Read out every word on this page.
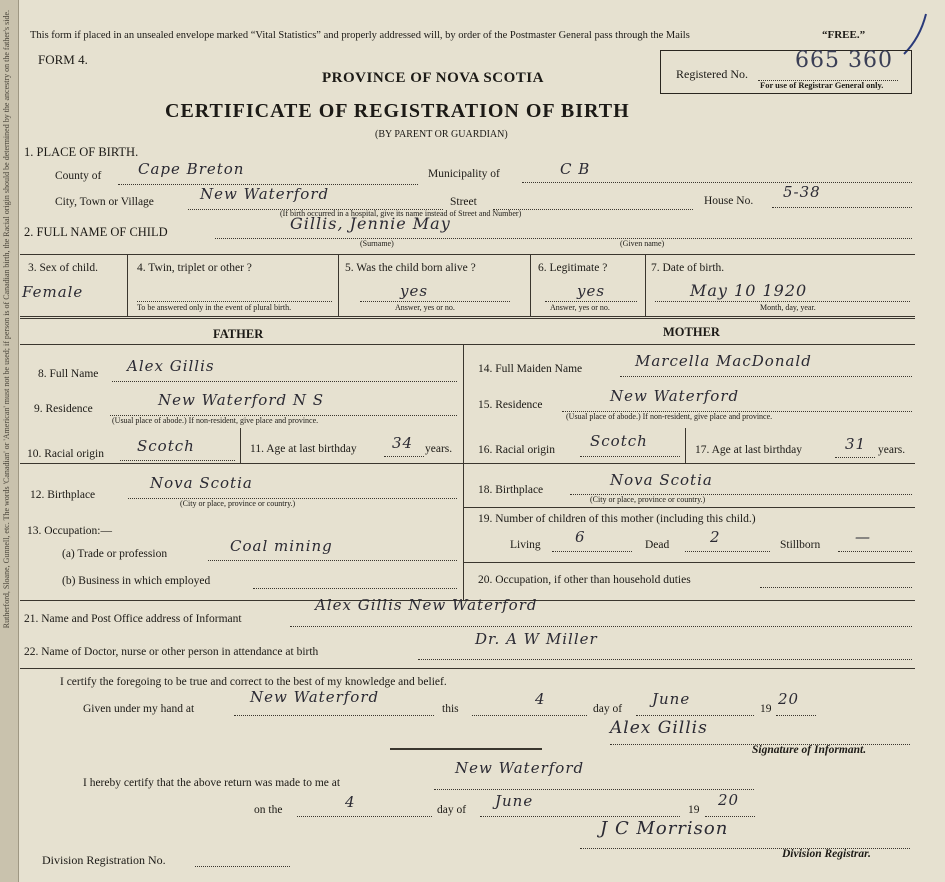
Rutherford, Sloane, Gunnell, etc. The words 'Canadian' or 'American' must not be used; if person is of Canadian birth, the Racial origin should be determined by the ancestry on the father's side. This form if placed in an unsealed envelope marked “Vital Statistics” and properly addressed will, by order of the Postmaster General pass through the Mails	“FREE.”
FORM 4.
PROVINCE OF NOVA SCOTIA
CERTIFICATE OF REGISTRATION OF BIRTH
(BY PARENT OR GUARDIAN)
Registered No.
665 360
For use of Registrar General only.
1. PLACE OF BIRTH.
County of Cape Breton	Municipality of	C B
City, Town or Village	New Waterford	Street
(If birth occurred in a hospital, give its name instead of Street and Number)
House No. 5-38
2. FULL NAME OF CHILD	Gillis, Jennie May
(Surname)	(Given name)
3. Sex of child.
Female
4. Twin, triplet or other ?
To be answered only in the event of plural birth.
5. Was the child born alive ?
yes
Answer, yes or no.
6. Legitimate ?
yes
Answer, yes or no.
7. Date of birth.
May 10 1920
Month, day, year.
FATHER	MOTHER
8. Full Name Alex Gillis
9. Residence	New Waterford N S
(Usual place of abode.) If non-resident, give place and province.
10. Racial origin Scotch	11. Age at last birthday 34 years.
12. Birthplace
Nova Scotia
(City or place, province or country.)
13. Occupation:—
(a) Trade or profession	Coal mining
(b) Business in which employed
14. Full Maiden Name	Marcella MacDonald
15. Residence	New Waterford
(Usual place of abode.) If non-resident, give place and province.
16. Racial origin Scotch	17. Age at last birthday	31 years.
18. Birthplace
Nova Scotia
(City or place, province or country.)
19. Number of children of this mother (including this child.)
Living 6	Dead	2	Stillborn —
20. Occupation, if other than household duties
21. Name and Post Office address of Informant
Alex Gillis New Waterford
22. Name of Doctor, nurse or other person in attendance at birth
Dr. A W Miller
I certify the foregoing to be true and correct to the best of my knowledge and belief.
Given under my hand at
New Waterford
this
4
day of
June
19
20
Alex Gillis
Signature of Informant.
I hereby certify that the above return was made to me at
New Waterford
on the	4	day of June	19
20
J C Morrison
Division Registration No.	Division Registrar.
